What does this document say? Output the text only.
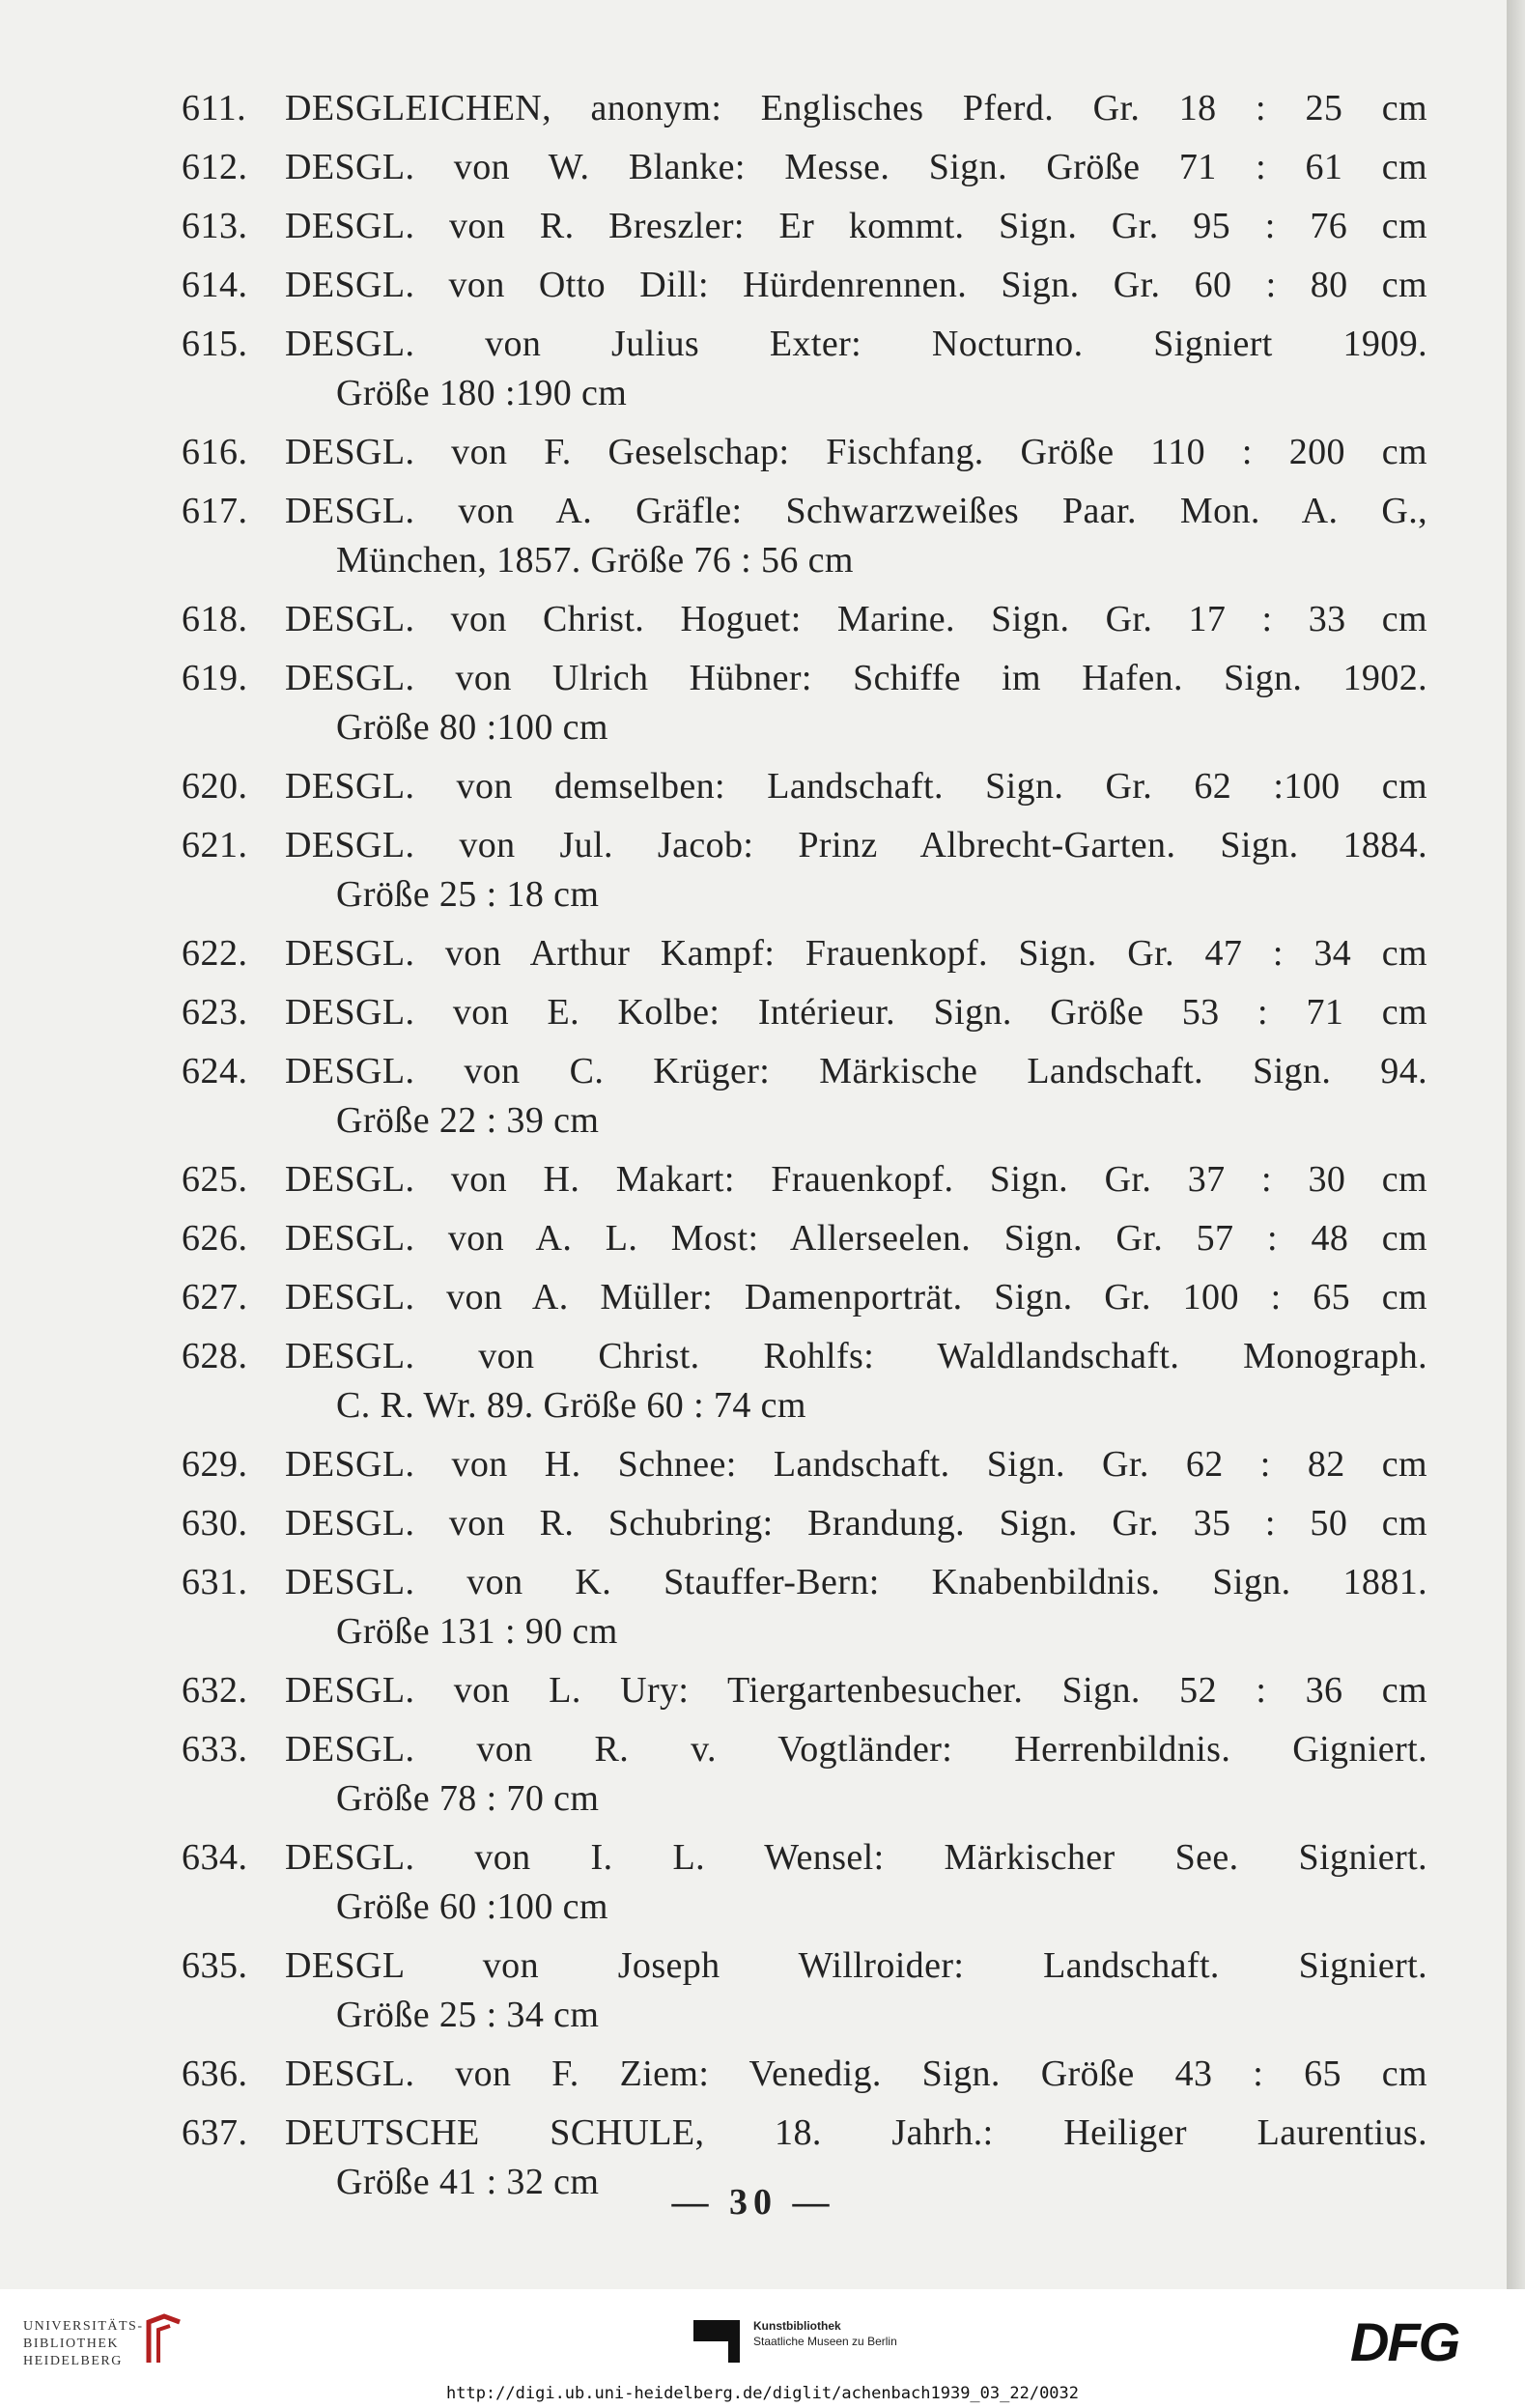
611.	DESGLEICHEN, anonym: Englisches Pferd. Gr. 18 : 25 cm
612.	DESGL. von W. Blanke: Messe. Sign. Größe 71 : 61 cm
613.	DESGL. von R. Breszler: Er kommt. Sign. Gr. 95 : 76 cm
614.	DESGL. von Otto Dill: Hürdenrennen. Sign. Gr. 60 : 80 cm
615.	DESGL. von Julius Exter: Nocturno. Signiert 1909.
Größe 180 :190 cm
616.	DESGL. von F. Geselschap: Fischfang. Größe 110 : 200 cm
617.	DESGL. von A. Gräfle: Schwarzweißes Paar. Mon. A. G.,
München, 1857. Größe 76 : 56 cm
618.	DESGL. von Christ. Hoguet: Marine. Sign. Gr. 17 : 33 cm
619.	DESGL. von Ulrich Hübner: Schiffe im Hafen. Sign. 1902.
Größe 80 :100 cm
620.	DESGL. von demselben: Landschaft. Sign. Gr. 62 :100 cm
621.	DESGL. von Jul. Jacob: Prinz Albrecht-Garten. Sign. 1884.
Größe 25 : 18 cm
622.	DESGL. von Arthur Kampf: Frauenkopf. Sign. Gr. 47 : 34 cm
623.	DESGL. von E. Kolbe: Intérieur. Sign. Größe 53 : 71 cm
624.	DESGL. von C. Krüger: Märkische Landschaft. Sign. 94.
Größe 22 : 39 cm
625.	DESGL. von H. Makart: Frauenkopf. Sign. Gr. 37 : 30 cm
626.	DESGL. von A. L. Most: Allerseelen. Sign. Gr. 57 : 48 cm
627.	DESGL. von A. Müller: Damenporträt. Sign. Gr. 100 : 65 cm
628.	DESGL. von Christ. Rohlfs: Waldlandschaft. Monograph.
C. R. Wr. 89. Größe 60 : 74 cm
629.	DESGL. von H. Schnee: Landschaft. Sign. Gr. 62 : 82 cm
630.	DESGL. von R. Schubring: Brandung. Sign. Gr. 35 : 50 cm
631.	DESGL. von K. Stauffer-Bern: Knabenbildnis. Sign. 1881.
Größe 131 : 90 cm
632.	DESGL. von L. Ury: Tiergartenbesucher. Sign. 52 : 36 cm
633.	DESGL. von R. v. Vogtländer: Herrenbildnis. Gigniert.
Größe 78 : 70 cm
634.	DESGL. von I. L. Wensel: Märkischer See. Signiert.
Größe 60 :100 cm
635.	DESGL von Joseph Willroider: Landschaft. Signiert.
Größe 25 : 34 cm
636.	DESGL. von F. Ziem: Venedig. Sign. Größe 43 : 65 cm
637.	DEUTSCHE SCHULE, 18. Jahrh.: Heiliger Laurentius.
Größe 41 : 32 cm	— 30 —
UNIVERSITÄTS-
BIBLIOTHEK
HEIDELBERG
Kunstbibliothek
Staatliche Museen zu Berlin	DFG
http://digi.ub.uni-heidelberg.de/diglit/achenbach1939_03_22/0032
